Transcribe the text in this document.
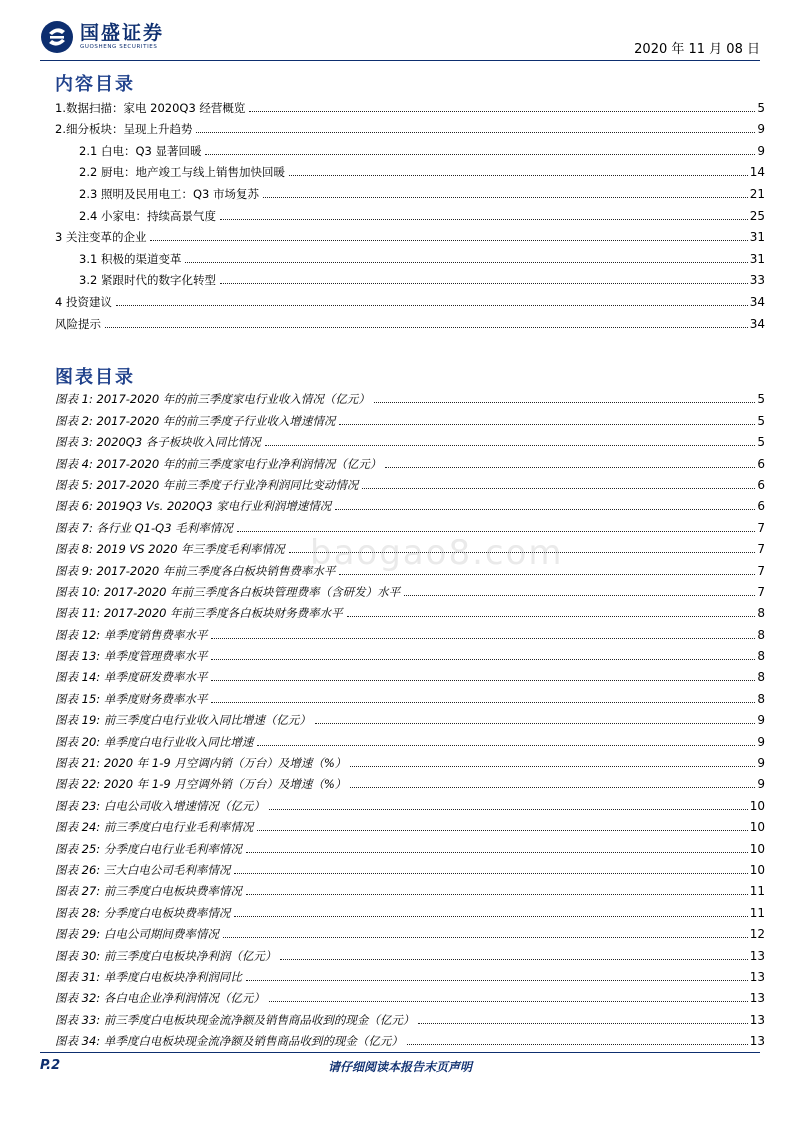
国盛证券
GUOSHENG SECURITIES	2020 年 11 月 08 日
内容目录
1.数据扫描：家电 2020Q3 经营概览	5
2.细分板块：呈现上升趋势	9
2.1 白电：Q3 显著回暖	9
2.2 厨电：地产竣工与线上销售加快回暖	14
2.3 照明及民用电工：Q3 市场复苏	21
2.4 小家电：持续高景气度	25
3 关注变革的企业	31
3.1 积极的渠道变革	31
3.2 紧跟时代的数字化转型	33
4 投资建议	34
风险提示	34
图表目录
图表 1: 2017-2020 年的前三季度家电行业收入情况（亿元）	5
图表 2: 2017-2020 年的前三季度子行业收入增速情况	5
图表 3: 2020Q3 各子板块收入同比情况	5
图表 4: 2017-2020 年的前三季度家电行业净利润情况（亿元）	6
图表 5: 2017-2020 年前三季度子行业净利润同比变动情况	6
图表 6: 2019Q3 Vs. 2020Q3 家电行业利润增速情况	6
图表 7: 各行业 Q1-Q3 毛利率情况	7
图表 8: 2019 VS 2020 年三季度毛利率情况	7
图表 9: 2017-2020 年前三季度各白板块销售费率水平	7
图表 10: 2017-2020 年前三季度各白板块管理费率（含研发）水平	7
图表 11: 2017-2020 年前三季度各白板块财务费率水平	8
图表 12: 单季度销售费率水平	8
图表 13: 单季度管理费率水平	8
图表 14: 单季度研发费率水平	8
图表 15: 单季度财务费率水平	8
图表 19: 前三季度白电行业收入同比增速（亿元）	9
图表 20: 单季度白电行业收入同比增速	9
图表 21: 2020 年 1-9 月空调内销（万台）及增速（%）	9
图表 22: 2020 年 1-9 月空调外销（万台）及增速（%）	9
图表 23: 白电公司收入增速情况（亿元）	10
图表 24: 前三季度白电行业毛利率情况	10
图表 25: 分季度白电行业毛利率情况	10
图表 26: 三大白电公司毛利率情况	10
图表 27: 前三季度白电板块费率情况	11
图表 28: 分季度白电板块费率情况	11
图表 29: 白电公司期间费率情况	12
图表 30: 前三季度白电板块净利润（亿元）	13
图表 31: 单季度白电板块净利润同比	13
图表 32: 各白电企业净利润情况（亿元）	13
图表 33: 前三季度白电板块现金流净额及销售商品收到的现金（亿元）	13
图表 34: 单季度白电板块现金流净额及销售商品收到的现金（亿元）	13
baogao8.com
P.2	请仔细阅读本报告末页声明
